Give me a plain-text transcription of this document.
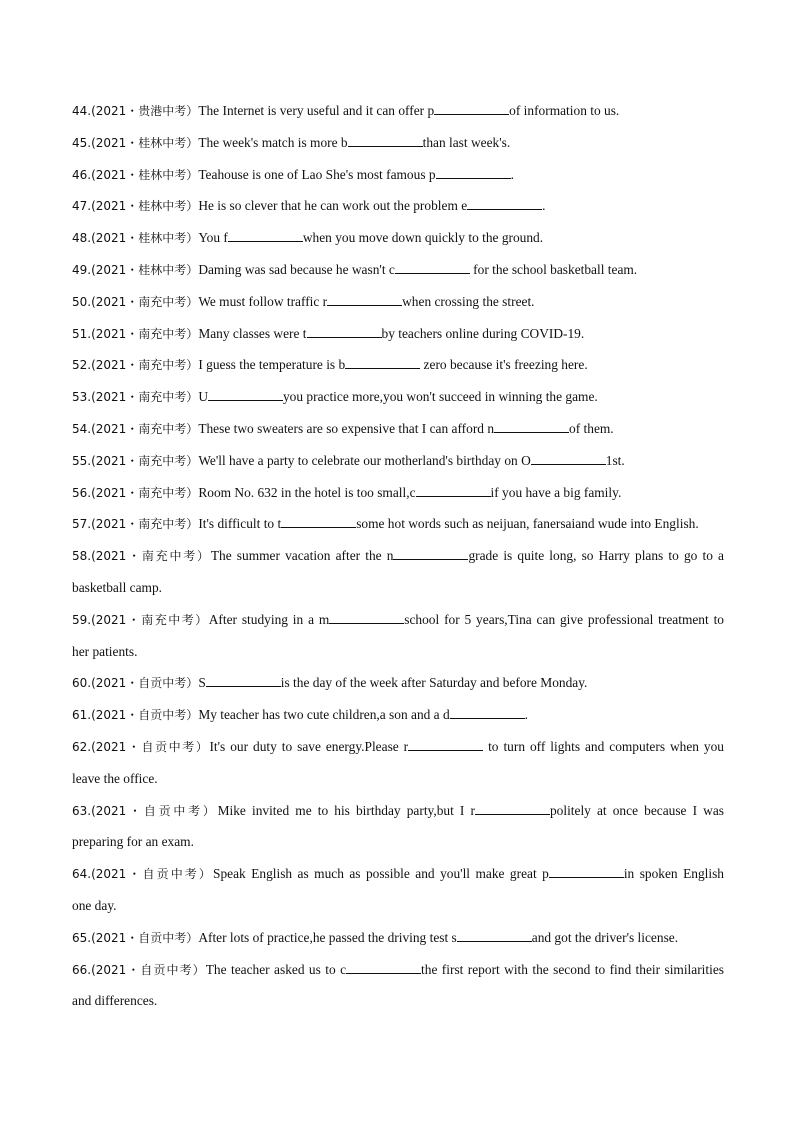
44.(2021・贵港中考）The Internet is very useful and it can offer p	of information to us.
45.(2021・桂林中考）The week's match is more b	than last week's.
46.(2021・桂林中考）Teahouse is one of Lao She's most famous p	.
47.(2021・桂林中考）He is so clever that he can work out the problem e	.
48.(2021・桂林中考）You f	when you move down quickly to the ground.
49.(2021・桂林中考）Daming was sad because he wasn't c	for the school basketball team.
50.(2021・南充中考）We must follow traffic r	when crossing the street.
51.(2021・南充中考）Many classes were t	by teachers online during COVID-19.
52.(2021・南充中考）I guess the temperature is b	zero because it's freezing here.
53.(2021・南充中考）U	you practice more,you won't succeed in winning the game.
54.(2021・南充中考）These two sweaters are so expensive that I can afford n	of them.
55.(2021・南充中考）We'll have a party to celebrate our motherland's birthday on O	1st.
56.(2021・南充中考）Room No. 632 in the hotel is too small,c	if you have a big family.
57.(2021・南充中考）It's difficult to t	some hot words such as neijuan, fanersaiand wude into English.
58.(2021・南充中考）The summer vacation after the n	grade is quite long, so Harry plans to go to a
basketball camp.
59.(2021・南充中考）After studying in a m	school for 5 years,Tina can give professional treatment to
her patients.
60.(2021・自贡中考）S	is the day of the week after Saturday and before Monday.
61.(2021・自贡中考）My teacher has two cute children,a son and a d	.
62.(2021・自贡中考）It's our duty to save energy.Please r	to turn off lights and computers when you
leave the office.
63.(2021・自贡中考）Mike invited me to his birthday party,but I r	politely at once because I was
preparing for an exam.
64.(2021・自贡中考）Speak English as much as possible and you'll make great p	in spoken English
one day.
65.(2021・自贡中考）After lots of practice,he passed the driving test s	and got the driver's license.
66.(2021・自贡中考）The teacher asked us to c	the first report with the second to find their similarities
and differences.
